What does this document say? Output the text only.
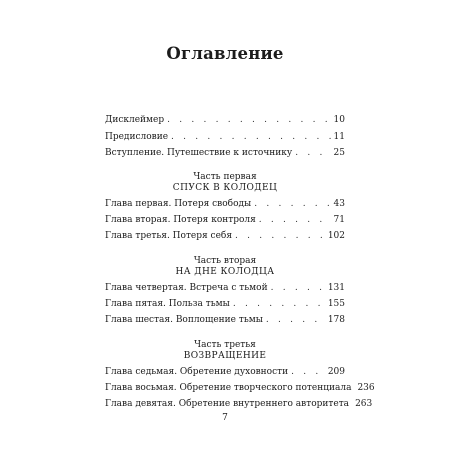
Оглавление
Дисклеймер . . .	10
Предисловие . . .	11
Вступление. Путешествие к источнику . . .	25
Часть первая
СПУСК В КОЛОДЕЦ
Глава первая. Потеря свободы . . .	43
Глава вторая. Потеря контроля . . .	71
Глава третья. Потеря себя . . .	102
Часть вторая
НА ДНЕ КОЛОДЦА
Глава четвертая. Встреча с тьмой . . .	131
Глава пятая. Польза тьмы . . .	155
Глава шестая. Воплощение тьмы . . .	178
Часть третья
ВОЗВРАЩЕНИЕ
Глава седьмая. Обретение духовности . . .	209
Глава восьмая. Обретение творческого потенциала 236
Глава девятая. Обретение внутреннего авторитета 263
7
